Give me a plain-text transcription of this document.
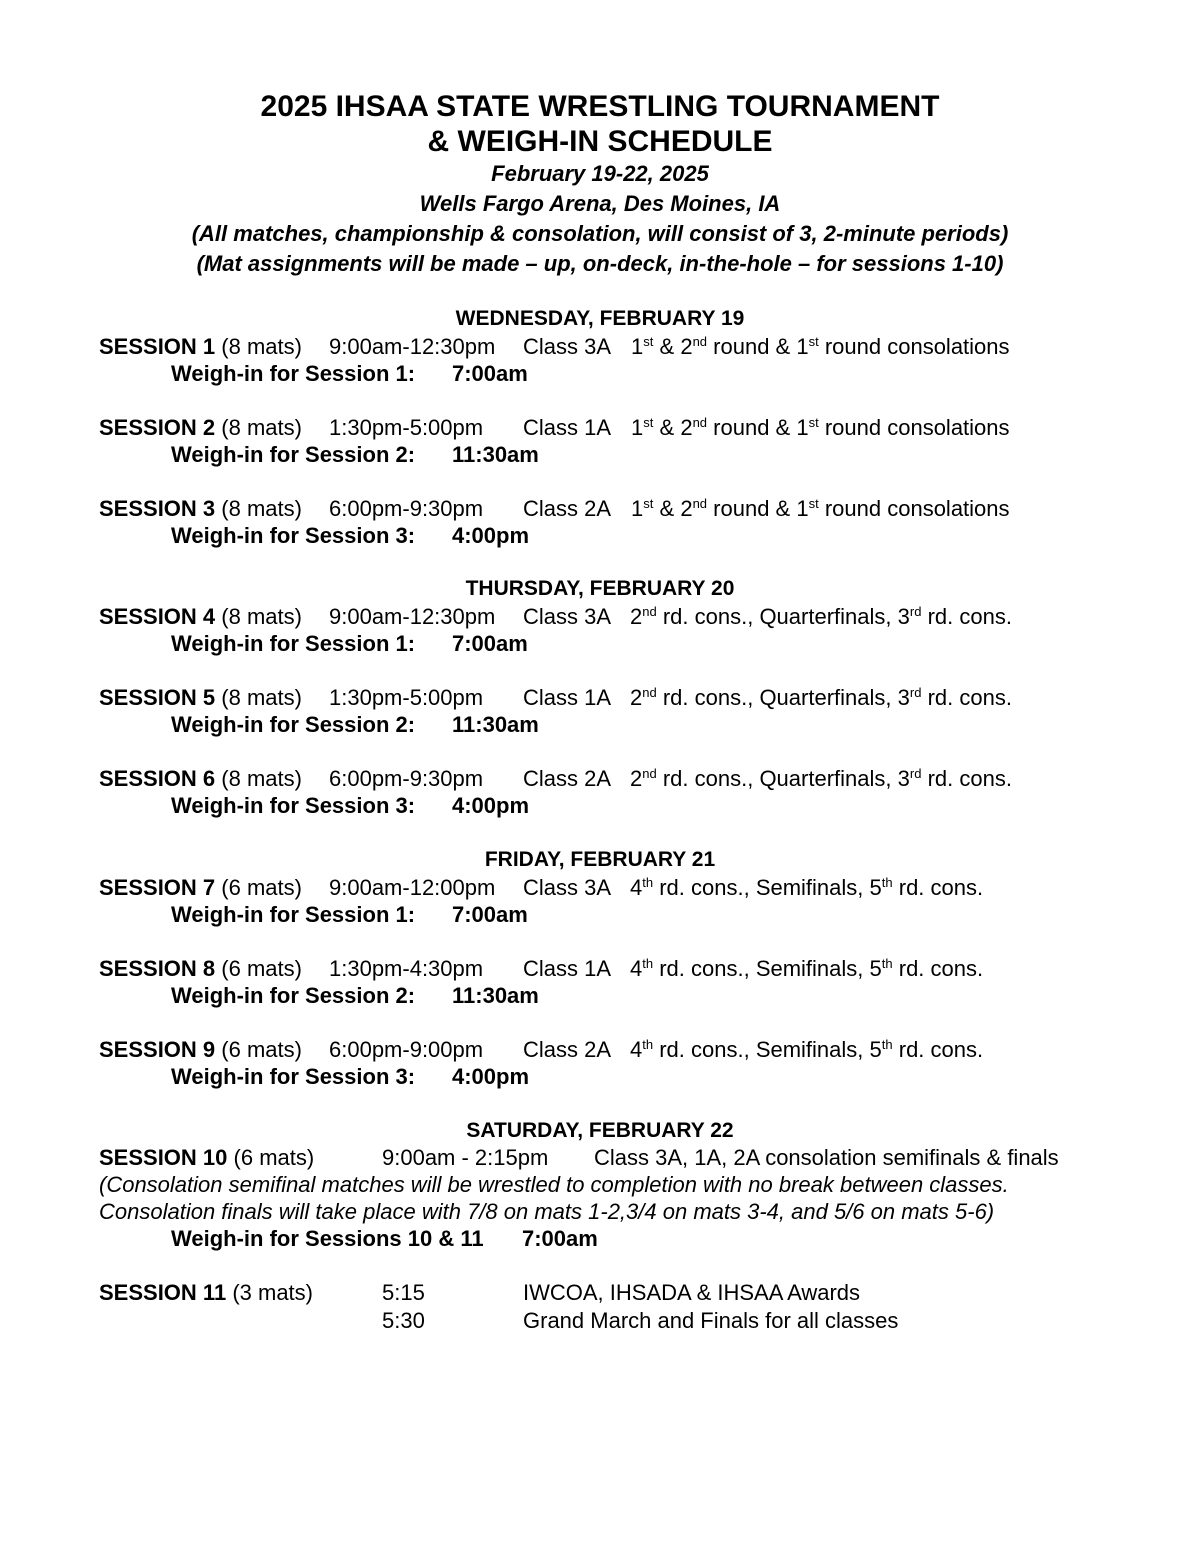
2025 IHSAA STATE WRESTLING TOURNAMENT
& WEIGH-IN SCHEDULE
February 19-22, 2025
Wells Fargo Arena, Des Moines, IA
(All matches, championship & consolation, will consist of 3, 2-minute periods)
(Mat assignments will be made – up, on-deck, in-the-hole – for sessions 1-10)
WEDNESDAY, FEBRUARY 19
SESSION 1 (8 mats) 9:00am-12:30pm Class 3A 1st & 2nd round & 1st round consolations
Weigh-in for Session 1: 7:00am
SESSION 2 (8 mats) 1:30pm-5:00pm Class 1A 1st & 2nd round & 1st round consolations
Weigh-in for Session 2: 11:30am
SESSION 3 (8 mats) 6:00pm-9:30pm Class 2A 1st & 2nd round & 1st round consolations
Weigh-in for Session 3: 4:00pm
THURSDAY, FEBRUARY 20
SESSION 4 (8 mats) 9:00am-12:30pm Class 3A 2nd rd. cons., Quarterfinals, 3rd rd. cons.
Weigh-in for Session 1: 7:00am
SESSION 5 (8 mats) 1:30pm-5:00pm Class 1A 2nd rd. cons., Quarterfinals, 3rd rd. cons.
Weigh-in for Session 2: 11:30am
SESSION 6 (8 mats) 6:00pm-9:30pm Class 2A 2nd rd. cons., Quarterfinals, 3rd rd. cons.
Weigh-in for Session 3: 4:00pm
FRIDAY, FEBRUARY 21
SESSION 7 (6 mats) 9:00am-12:00pm Class 3A 4th rd. cons., Semifinals, 5th rd. cons.
Weigh-in for Session 1: 7:00am
SESSION 8 (6 mats) 1:30pm-4:30pm Class 1A 4th rd. cons., Semifinals, 5th rd. cons.
Weigh-in for Session 2: 11:30am
SESSION 9 (6 mats) 6:00pm-9:00pm Class 2A 4th rd. cons., Semifinals, 5th rd. cons.
Weigh-in for Session 3: 4:00pm
SATURDAY, FEBRUARY 22
SESSION 10 (6 mats)	9:00am - 2:15pm Class 3A, 1A, 2A consolation semifinals & finals
(Consolation semifinal matches will be wrestled to completion with no break between classes.
Consolation finals will take place with 7/8 on mats 1-2,3/4 on mats 3-4, and 5/6 on mats 5-6)
Weigh-in for Sessions 10 & 11 7:00am
SESSION 11 (3 mats)	5:15	IWCOA, IHSADA & IHSAA Awards
5:30	Grand March and Finals for all classes
